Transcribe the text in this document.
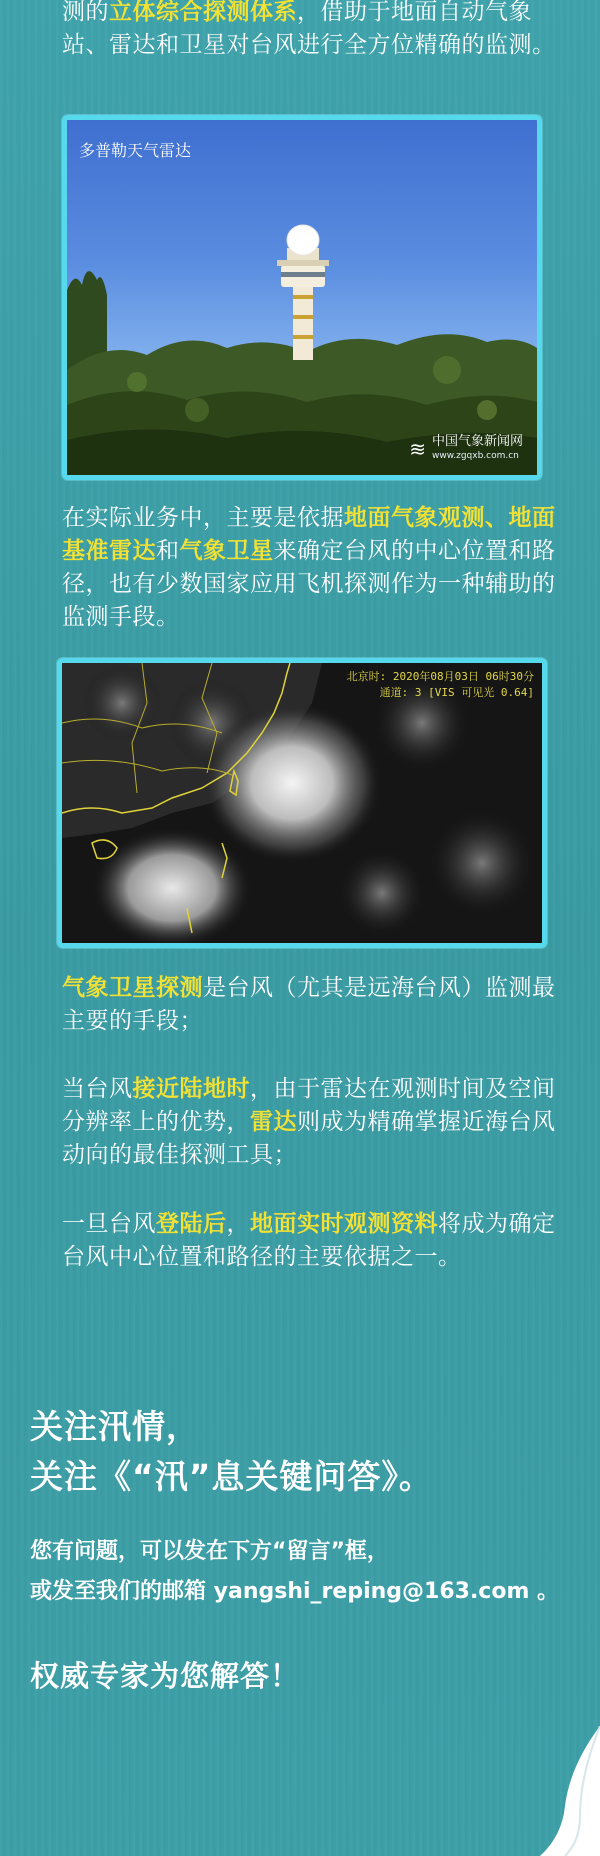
测的立体综合探测体系，借助于地面自动气象站、雷达和卫星对台风进行全方位精确的监测。

多普勒天气雷达
≋ 中国气象新闻网
www.zgqxb.com.cn

在实际业务中，主要是依据地面气象观测、地面基准雷达和气象卫星来确定台风的中心位置和路径，也有少数国家应用飞机探测作为一种辅助的监测手段。

北京时: 2020年08月03日 06时30分
通道: 3 [VIS 可见光 0.64]

气象卫星探测是台风（尤其是远海台风）监测最主要的手段；

当台风接近陆地时，由于雷达在观测时间及空间分辨率上的优势，雷达则成为精确掌握近海台风动向的最佳探测工具；

一旦台风登陆后，地面实时观测资料将成为确定台风中心位置和路径的主要依据之一。

关注汛情，

关注《“汛”息关键问答》。

您有问题，可以发在下方“留言”框，

或发至我们的邮箱 yangshi_reping@163.com 。

权威专家为您解答！
